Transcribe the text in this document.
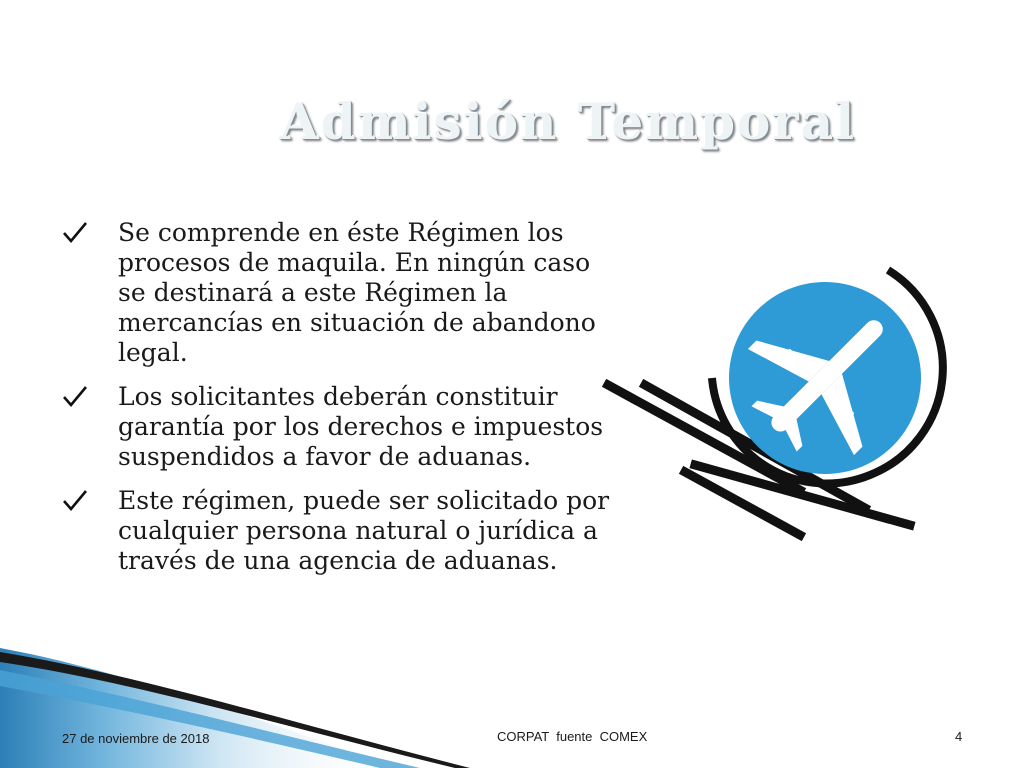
Admisión Temporal
Se comprende en éste Régimen los procesos de maquila. En ningún caso se destinará a este Régimen la mercancías en situación de abandono legal.
Los solicitantes deberán constituir garantía por los derechos e impuestos suspendidos a favor de aduanas.
Este régimen, puede ser solicitado por cualquier persona natural o jurídica a través de una agencia de aduanas.
27 de noviembre de 2018	CORPAT  fuente  COMEX	4
